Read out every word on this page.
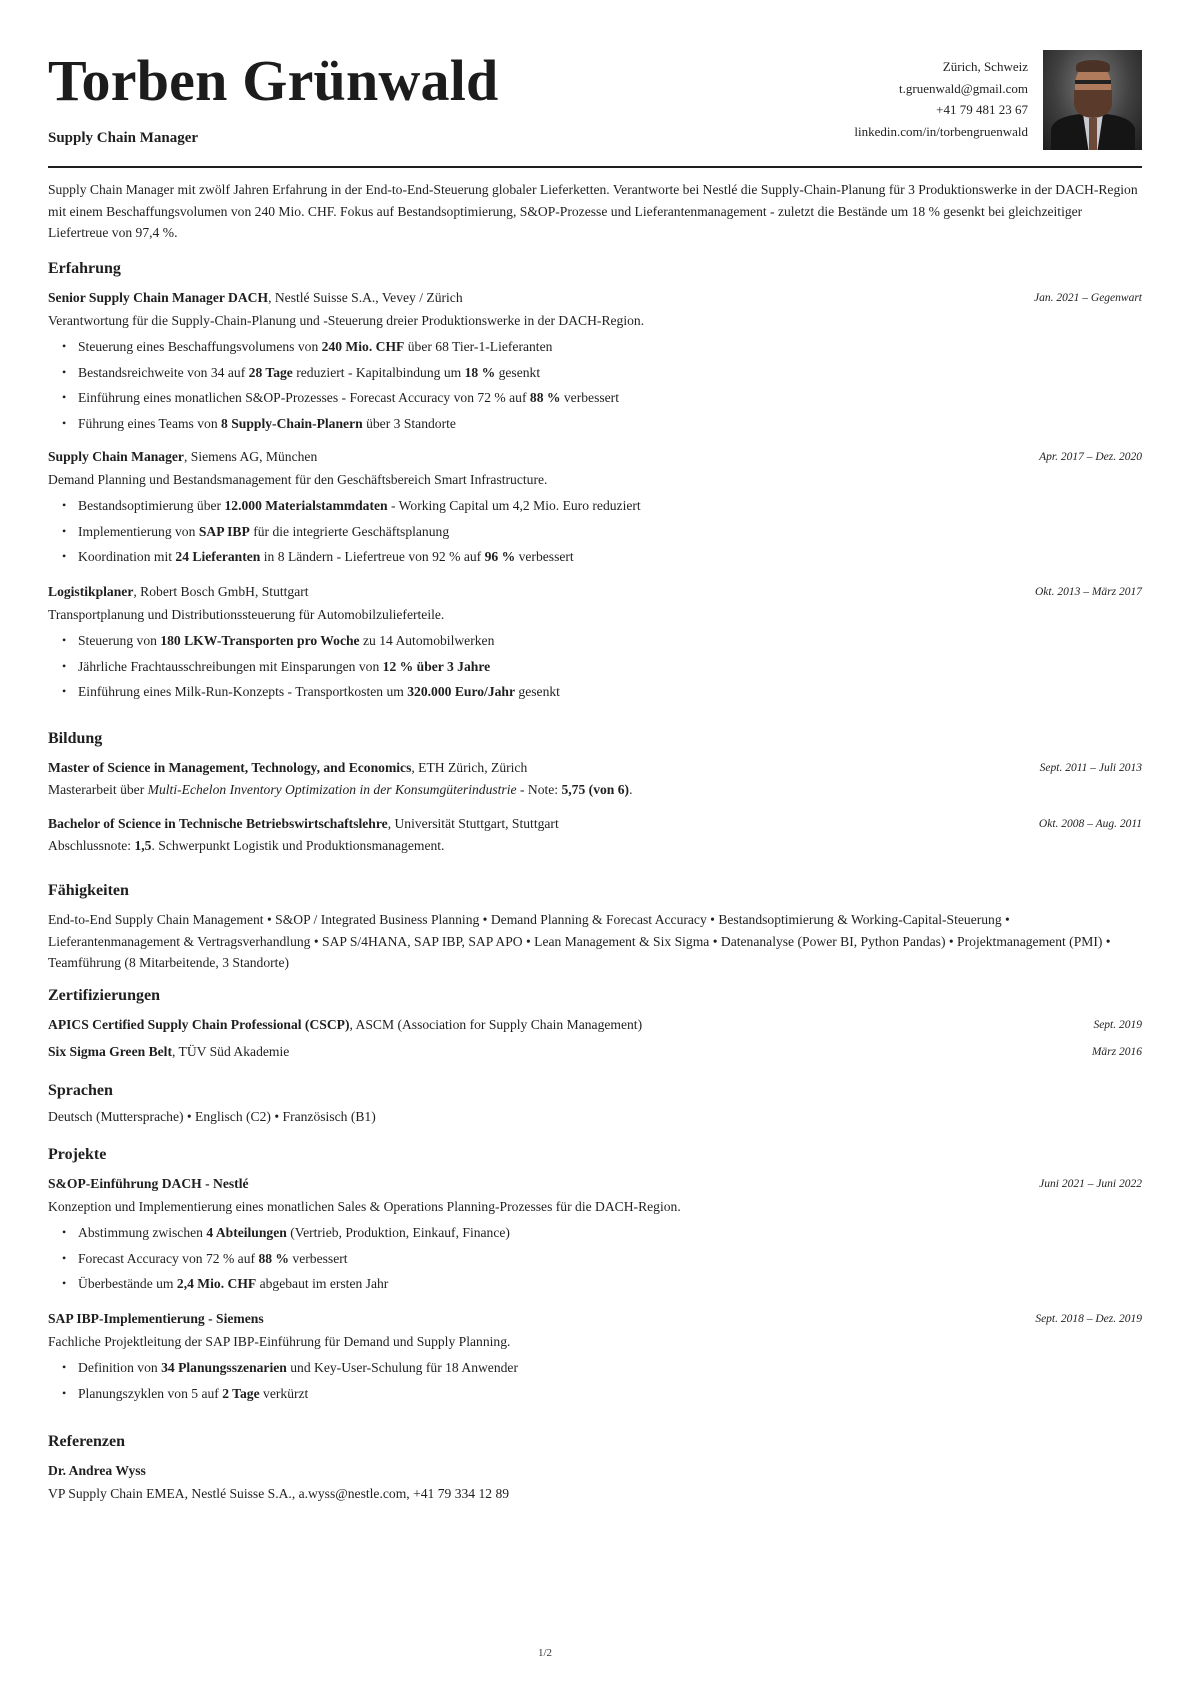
Torben Grünwald
Supply Chain Manager
Zürich, Schweiz
t.gruenwald@gmail.com
+41 79 481 23 67
linkedin.com/in/torbengruenwald
Supply Chain Manager mit zwölf Jahren Erfahrung in der End-to-End-Steuerung globaler Lieferketten. Verantworte bei Nestlé die Supply-Chain-Planung für 3 Produktionswerke in der DACH-Region mit einem Beschaffungsvolumen von 240 Mio. CHF. Fokus auf Bestandsoptimierung, S&OP-Prozesse und Lieferantenmanagement - zuletzt die Bestände um 18 % gesenkt bei gleichzeitiger Liefertreue von 97,4 %.
Erfahrung
Senior Supply Chain Manager DACH, Nestlé Suisse S.A., Vevey / Zürich	Jan. 2021 – Gegenwart
Verantwortung für die Supply-Chain-Planung und -Steuerung dreier Produktionswerke in der DACH-Region.
• Steuerung eines Beschaffungsvolumens von 240 Mio. CHF über 68 Tier-1-Lieferanten
• Bestandsreichweite von 34 auf 28 Tage reduziert - Kapitalbindung um 18 % gesenkt
• Einführung eines monatlichen S&OP-Prozesses - Forecast Accuracy von 72 % auf 88 % verbessert
• Führung eines Teams von 8 Supply-Chain-Planern über 3 Standorte
Supply Chain Manager, Siemens AG, München	Apr. 2017 – Dez. 2020
Demand Planning und Bestandsmanagement für den Geschäftsbereich Smart Infrastructure.
• Bestandsoptimierung über 12.000 Materialstammdaten - Working Capital um 4,2 Mio. Euro reduziert
• Implementierung von SAP IBP für die integrierte Geschäftsplanung
• Koordination mit 24 Lieferanten in 8 Ländern - Liefertreue von 92 % auf 96 % verbessert
Logistikplaner, Robert Bosch GmbH, Stuttgart	Okt. 2013 – März 2017
Transportplanung und Distributionssteuerung für Automobilzulieferteile.
• Steuerung von 180 LKW-Transporten pro Woche zu 14 Automobilwerken
• Jährliche Frachtausschreibungen mit Einsparungen von 12 % über 3 Jahre
• Einführung eines Milk-Run-Konzepts - Transportkosten um 320.000 Euro/Jahr gesenkt
Bildung
Master of Science in Management, Technology, and Economics, ETH Zürich, Zürich	Sept. 2011 – Juli 2013
Masterarbeit über Multi-Echelon Inventory Optimization in der Konsumgüterindustrie - Note: 5,75 (von 6).
Bachelor of Science in Technische Betriebswirtschaftslehre, Universität Stuttgart, Stuttgart	Okt. 2008 – Aug. 2011
Abschlussnote: 1,5. Schwerpunkt Logistik und Produktionsmanagement.
Fähigkeiten
End-to-End Supply Chain Management • S&OP / Integrated Business Planning • Demand Planning & Forecast Accuracy • Bestandsoptimierung & Working-Capital-Steuerung • Lieferantenmanagement & Vertragsverhandlung • SAP S/4HANA, SAP IBP, SAP APO • Lean Management & Six Sigma • Datenanalyse (Power BI, Python Pandas) • Projektmanagement (PMI) • Teamführung (8 Mitarbeitende, 3 Standorte)
Zertifizierungen
APICS Certified Supply Chain Professional (CSCP), ASCM (Association for Supply Chain Management)	Sept. 2019
Six Sigma Green Belt, TÜV Süd Akademie	März 2016
Sprachen
Deutsch (Muttersprache) • Englisch (C2) • Französisch (B1)
Projekte
S&OP-Einführung DACH - Nestlé	Juni 2021 – Juni 2022
Konzeption und Implementierung eines monatlichen Sales & Operations Planning-Prozesses für die DACH-Region.
• Abstimmung zwischen 4 Abteilungen (Vertrieb, Produktion, Einkauf, Finance)
• Forecast Accuracy von 72 % auf 88 % verbessert
• Überbestände um 2,4 Mio. CHF abgebaut im ersten Jahr
SAP IBP-Implementierung - Siemens	Sept. 2018 – Dez. 2019
Fachliche Projektleitung der SAP IBP-Einführung für Demand und Supply Planning.
• Definition von 34 Planungsszenarien und Key-User-Schulung für 18 Anwender
• Planungszyklen von 5 auf 2 Tage verkürzt
Referenzen
Dr. Andrea Wyss
VP Supply Chain EMEA, Nestlé Suisse S.A., a.wyss@nestle.com, +41 79 334 12 89
1/2
